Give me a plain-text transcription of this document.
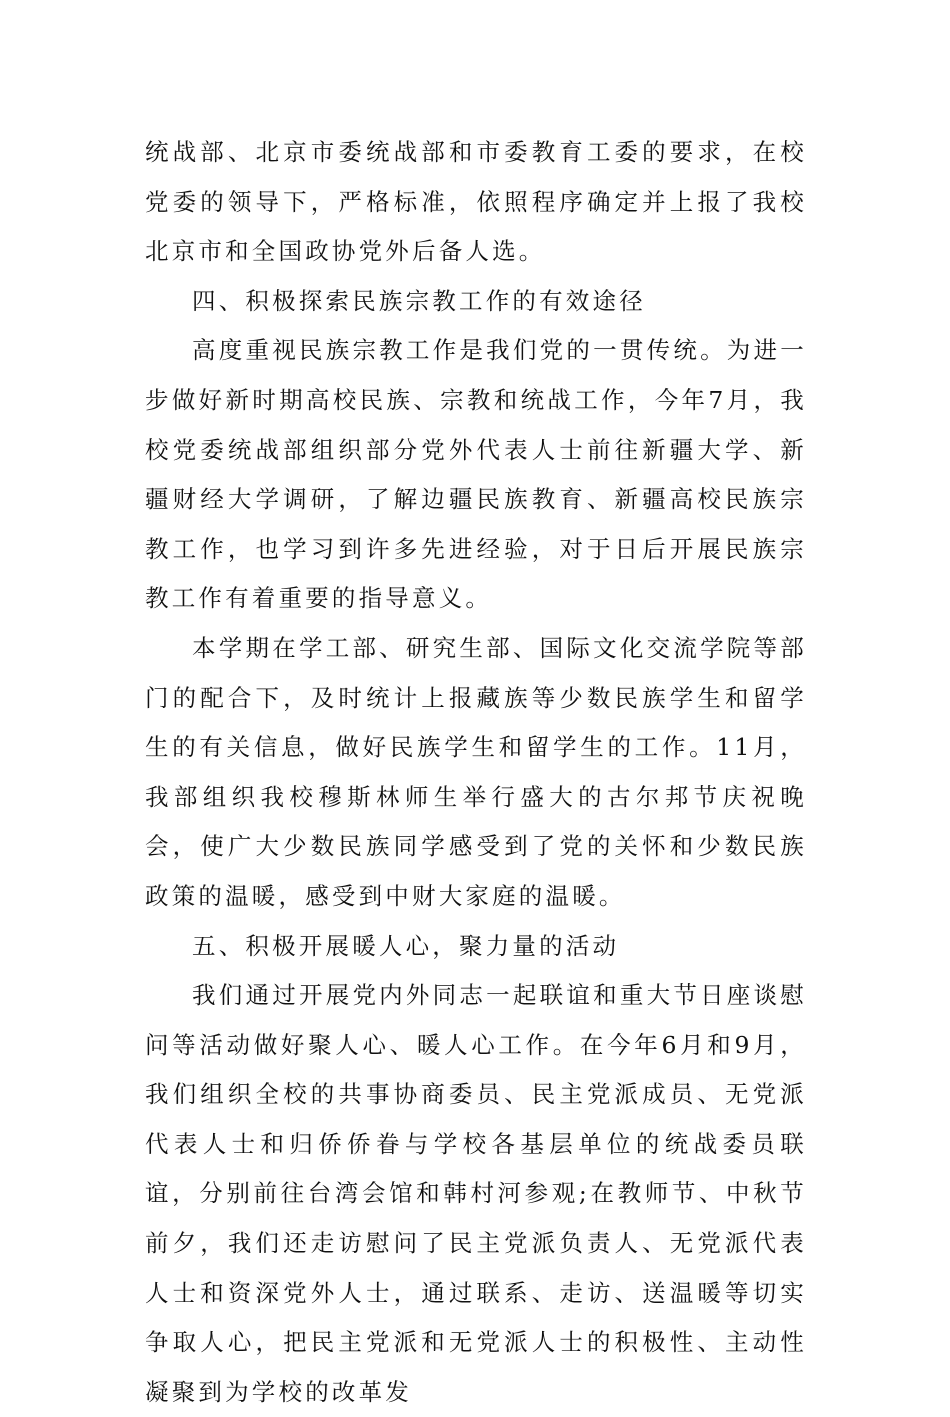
统战部、北京市委统战部和市委教育工委的要求，在校党委的领导下，严格标准，依照程序确定并上报了我校北京市和全国政协党外后备人选。

四、积极探索民族宗教工作的有效途径

高度重视民族宗教工作是我们党的一贯传统。为进一步做好新时期高校民族、宗教和统战工作，今年7月，我校党委统战部组织部分党外代表人士前往新疆大学、新疆财经大学调研，了解边疆民族教育、新疆高校民族宗教工作，也学习到许多先进经验，对于日后开展民族宗教工作有着重要的指导意义。

本学期在学工部、研究生部、国际文化交流学院等部门的配合下，及时统计上报藏族等少数民族学生和留学生的有关信息，做好民族学生和留学生的工作。11月，我部组织我校穆斯林师生举行盛大的古尔邦节庆祝晚会，使广大少数民族同学感受到了党的关怀和少数民族政策的温暖，感受到中财大家庭的温暖。

五、积极开展暖人心，聚力量的活动

我们通过开展党内外同志一起联谊和重大节日座谈慰问等活动做好聚人心、暖人心工作。在今年6月和9月，我们组织全校的共事协商委员、民主党派成员、无党派代表人士和归侨侨眷与学校各基层单位的统战委员联谊，分别前往台湾会馆和韩村河参观;在教师节、中秋节前夕，我们还走访慰问了民主党派负责人、无党派代表人士和资深党外人士，通过联系、走访、送温暖等切实争取人心，把民主党派和无党派人士的积极性、主动性凝聚到为学校的改革发
